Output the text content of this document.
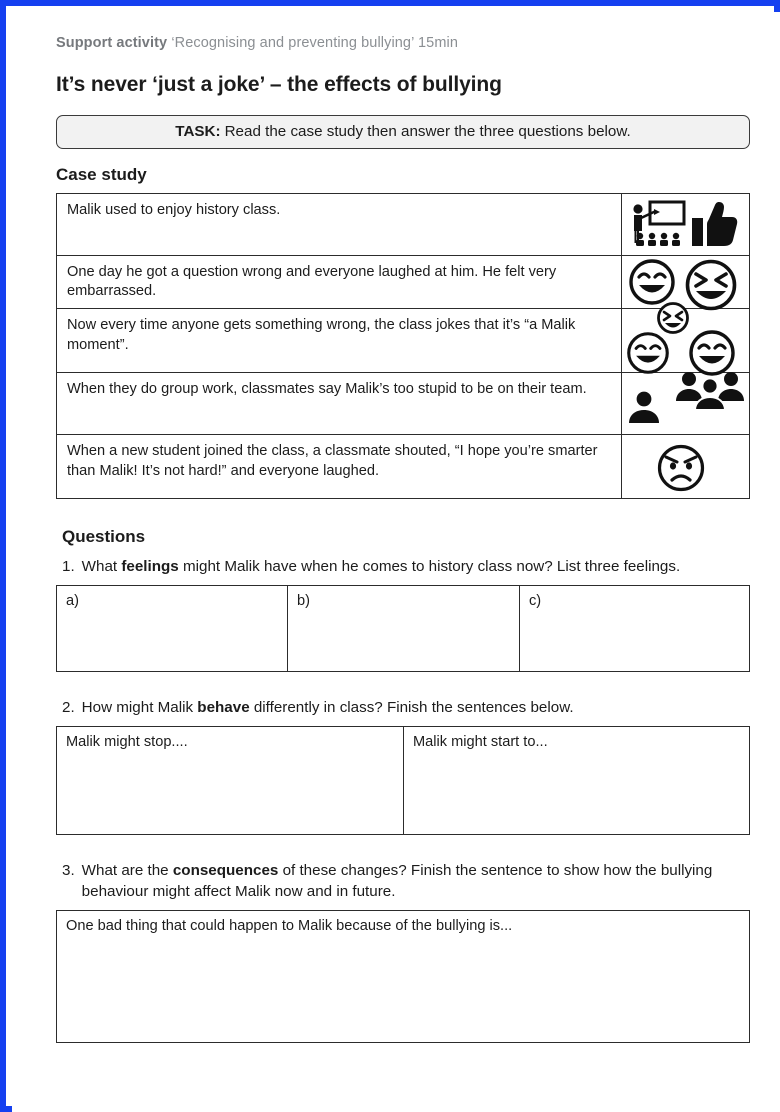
Support activity ‘Recognising and preventing bullying’ 15min

It’s never ‘just a joke’ – the effects of bullying
TASK: Read the case study then answer the three questions below.
Case study
Malik used to enjoy history class.	

One day he got a question wrong and everyone laughed at him. He felt very embarrassed.	

Now every time anyone gets something wrong, the class jokes that it’s “a Malik moment”.	

When they do group work, classmates say Malik’s too stupid to be on their team.	

When a new student joined the class, a classmate shouted, “I hope you’re smarter than Malik! It’s not hard!” and everyone laughed.	
Questions
1. What feelings might Malik have when he comes to history class now? List three feelings.
a)	b)	c)
2. How might Malik behave differently in class? Finish the sentences below.
Malik might stop....	Malik might start to...
3. What are the consequences of these changes? Finish the sentence to show how the bullying behaviour might affect Malik now and in future.
One bad thing that could happen to Malik because of the bullying is...
